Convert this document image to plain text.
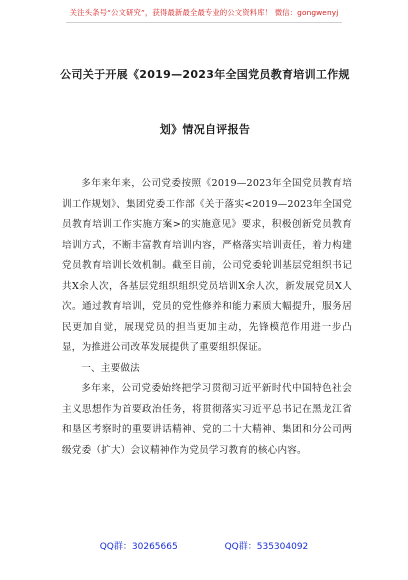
关注头条号“公文研究”，获得最新最全最专业的公文资料库！ 微信：gongwenyj
公司关于开展《2019—2023年全国党员教育培训工作规
划》情况自评报告

多年来年来，公司党委按照《2019—2023年全国党员教育培训工作规划》、集团党委工作部《关于落实<2019—2023年全国党员教育培训工作实施方案>的实施意见》要求，积极创新党员教育培训方式，不断丰富教育培训内容，严格落实培训责任，着力构建党员教育培训长效机制。截至目前，公司党委轮训基层党组织书记共X余人次，各基层党组织组织党员培训X余人次，新发展党员X人次。通过教育培训，党员的党性修养和能力素质大幅提升，服务居民更加自觉，展现党员的担当更加主动，先锋模范作用进一步凸显，为推进公司改革发展提供了重要组织保证。

一、主要做法

多年来，公司党委始终把学习贯彻习近平新时代中国特色社会主义思想作为首要政治任务，将贯彻落实习近平总书记在黑龙江省和垦区考察时的重要讲话精神、党的二十大精神、集团和分公司两级党委（扩大）会议精神作为党员学习教育的核心内容。

QQ群：30265665	QQ群：535304092
